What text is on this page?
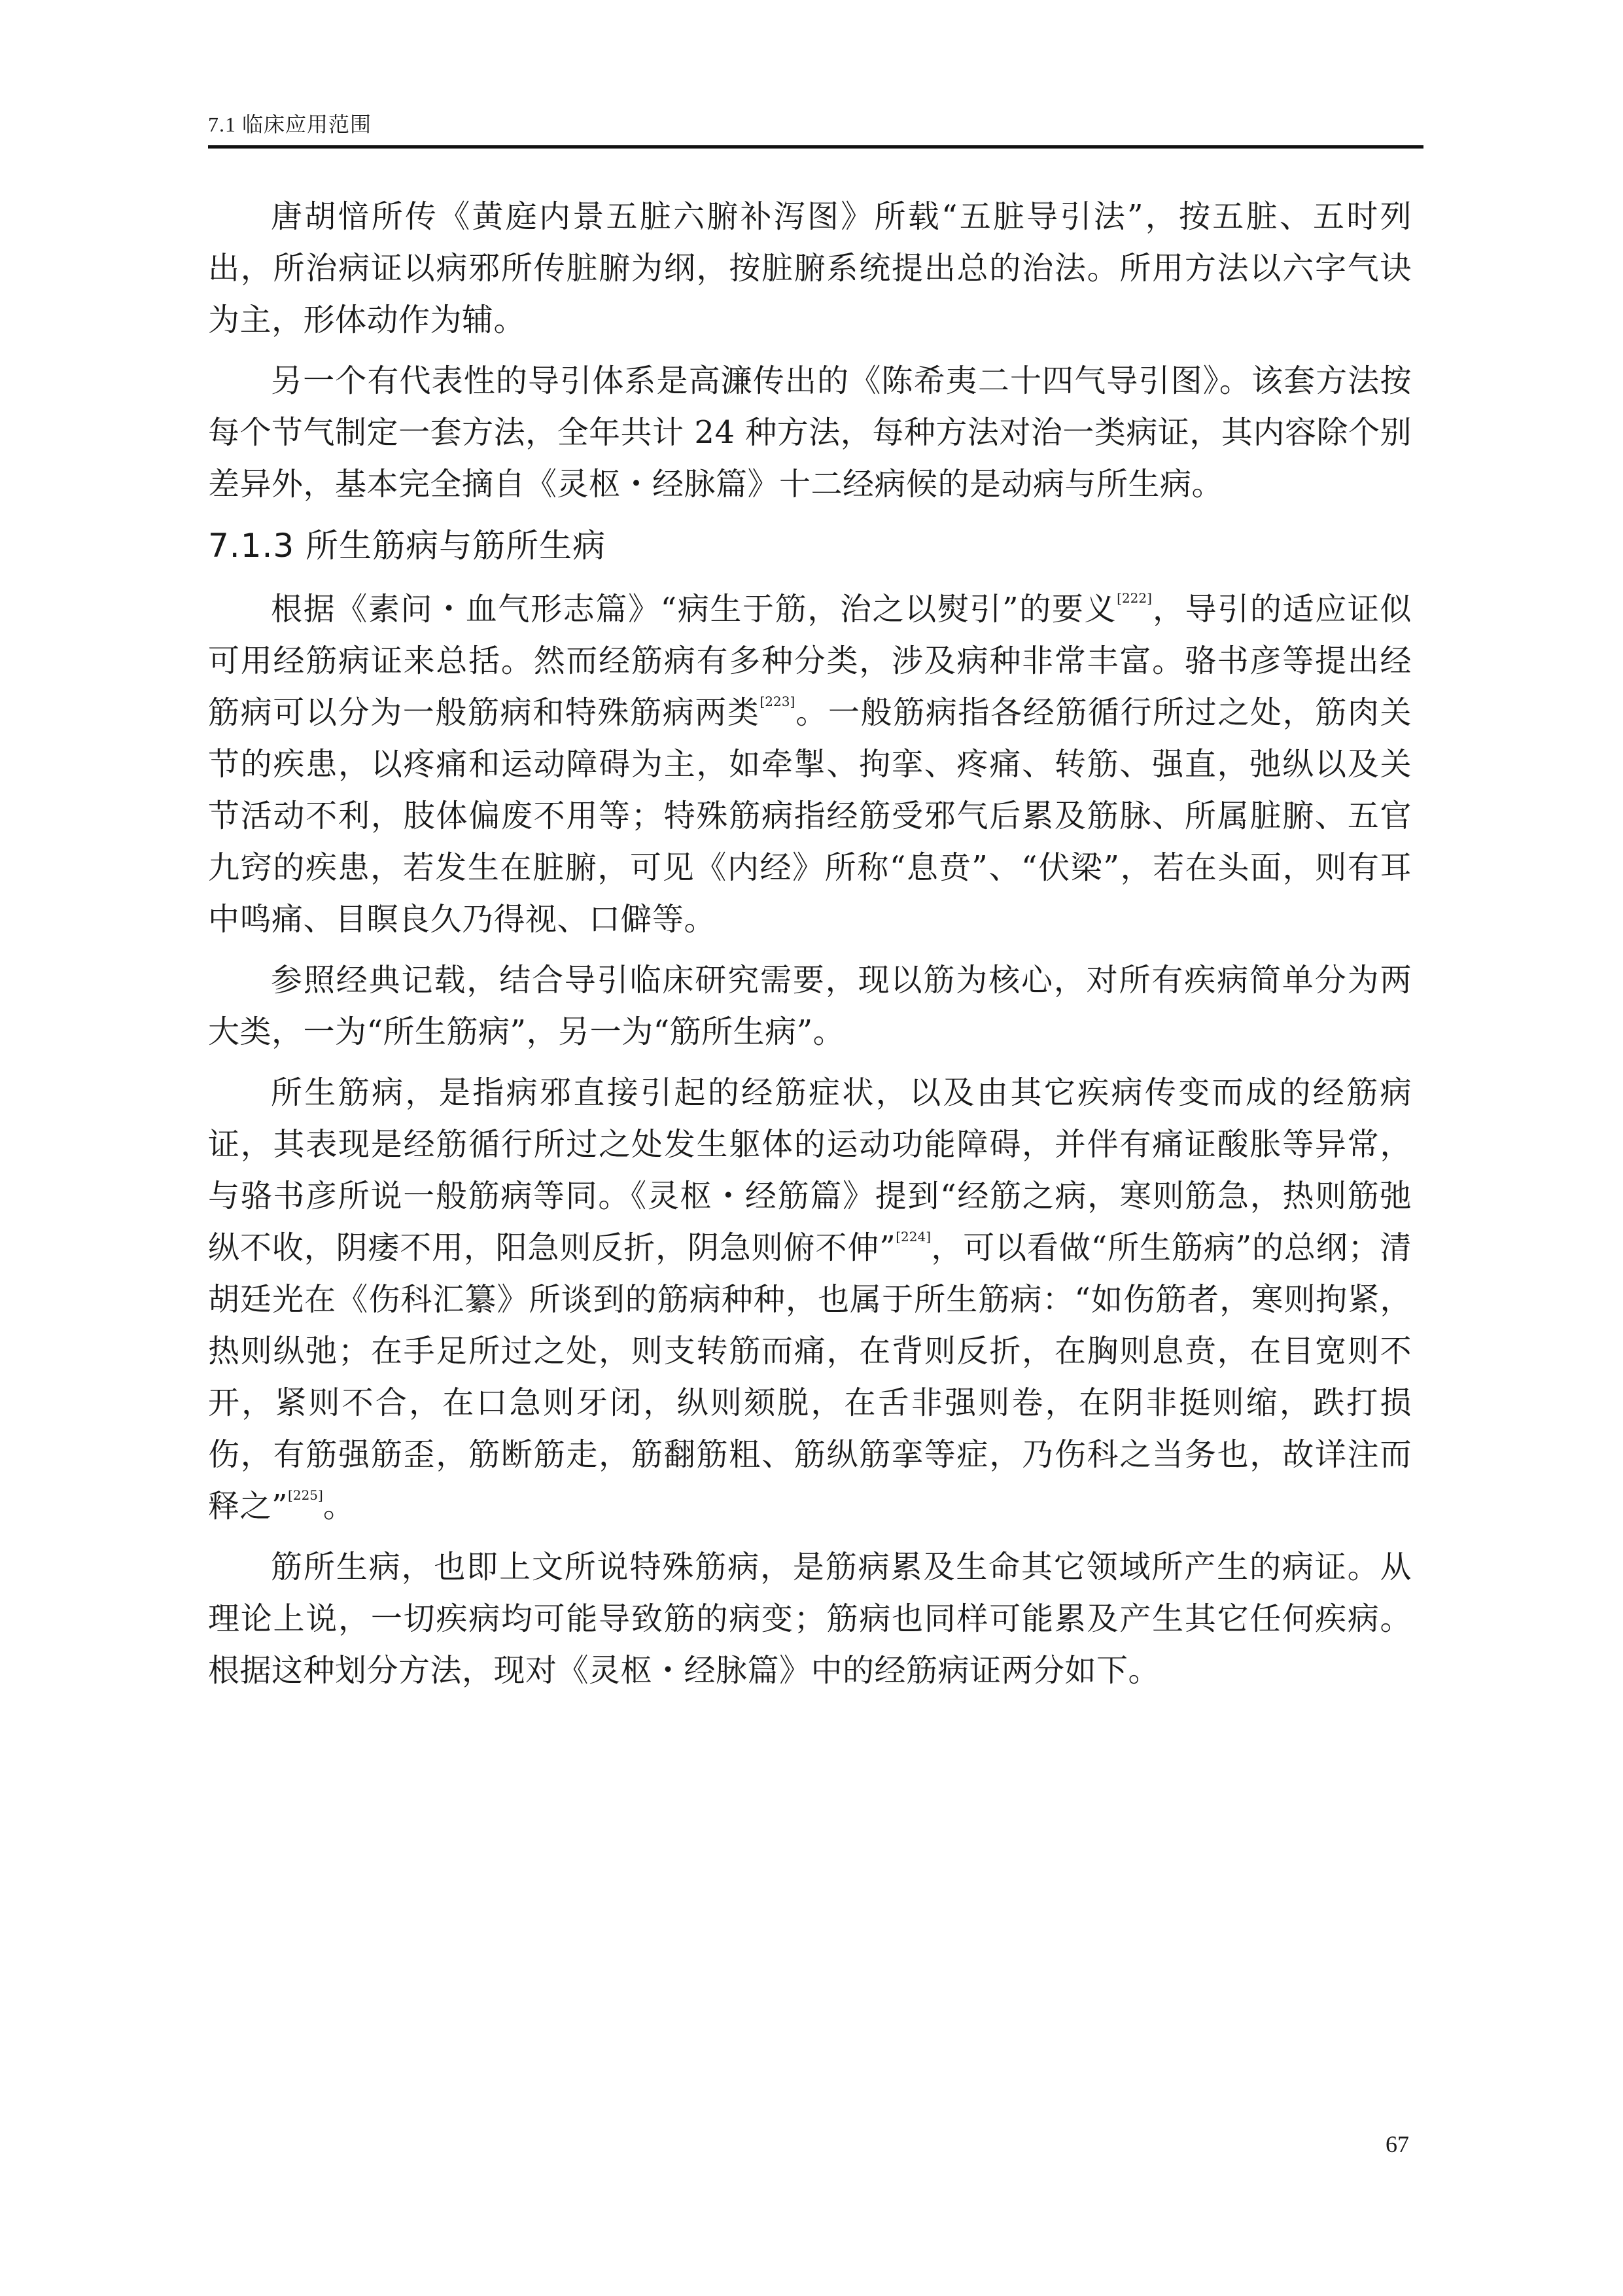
7.1 临床应用范围

唐胡愔所传《黄庭内景五脏六腑补泻图》所载“五脏导引法”，按五脏、五时列出，所治病证以病邪所传脏腑为纲，按脏腑系统提出总的治法。所用方法以六字气诀为主，形体动作为辅。

另一个有代表性的导引体系是高濂传出的《陈希夷二十四气导引图》。该套方法按每个节气制定一套方法，全年共计 24 种方法，每种方法对治一类病证，其内容除个别差异外，基本完全摘自《灵枢・经脉篇》十二经病候的是动病与所生病。

7.1.3 所生筋病与筋所生病

根据《素问・血气形志篇》“病生于筋，治之以熨引”的要义[222]，导引的适应证似可用经筋病证来总括。然而经筋病有多种分类，涉及病种非常丰富。骆书彦等提出经筋病可以分为一般筋病和特殊筋病两类[223]。一般筋病指各经筋循行所过之处，筋肉关节的疾患，以疼痛和运动障碍为主，如牵掣、拘挛、疼痛、转筋、强直，弛纵以及关节活动不利，肢体偏废不用等；特殊筋病指经筋受邪气后累及筋脉、所属脏腑、五官九窍的疾患，若发生在脏腑，可见《内经》所称“息贲”、“伏梁”，若在头面，则有耳中鸣痛、目瞑良久乃得视、口僻等。

参照经典记载，结合导引临床研究需要，现以筋为核心，对所有疾病简单分为两大类，一为“所生筋病”，另一为“筋所生病”。

所生筋病，是指病邪直接引起的经筋症状，以及由其它疾病传变而成的经筋病证，其表现是经筋循行所过之处发生躯体的运动功能障碍，并伴有痛证酸胀等异常，与骆书彦所说一般筋病等同。《灵枢・经筋篇》提到“经筋之病，寒则筋急，热则筋弛纵不收，阴痿不用，阳急则反折，阴急则俯不伸”[224]，可以看做“所生筋病”的总纲；清胡廷光在《伤科汇纂》所谈到的筋病种种，也属于所生筋病：“如伤筋者，寒则拘紧，热则纵弛；在手足所过之处，则支转筋而痛，在背则反折，在胸则息贲，在目宽则不开，紧则不合，在口急则牙闭，纵则颏脱，在舌非强则卷，在阴非挺则缩，跌打损伤，有筋强筋歪，筋断筋走，筋翻筋粗、筋纵筋挛等症，乃伤科之当务也，故详注而释之”[225]。

筋所生病，也即上文所说特殊筋病，是筋病累及生命其它领域所产生的病证。从理论上说，一切疾病均可能导致筋的病变；筋病也同样可能累及产生其它任何疾病。根据这种划分方法，现对《灵枢・经脉篇》中的经筋病证两分如下。

67
